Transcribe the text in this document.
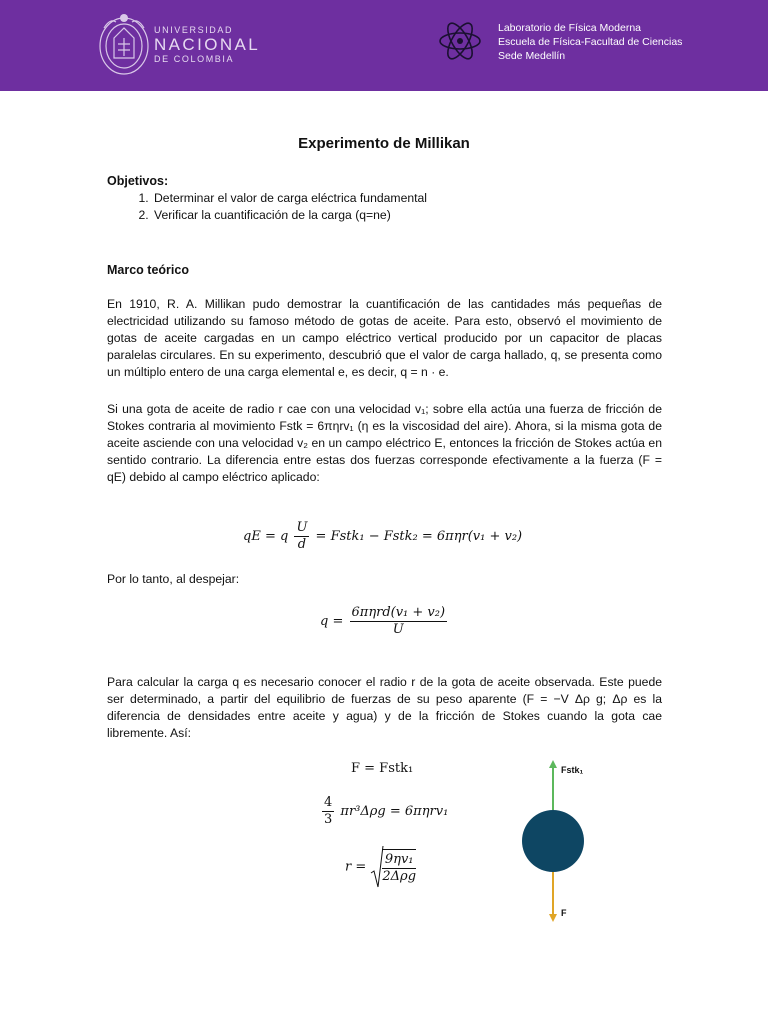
UNIVERSIDAD
NACIONAL
DE COLOMBIA
Laboratorio de Física Moderna
Escuela de Física-Facultad de Ciencias
Sede Medellín
Experimento de Millikan
Objetivos:
1. Determinar el valor de carga eléctrica fundamental
2. Verificar la cuantificación de la carga (q=ne)
Marco teórico
En 1910, R. A. Millikan pudo demostrar la cuantificación de las cantidades más pequeñas de electricidad utilizando su famoso método de gotas de aceite. Para esto, observó el movimiento de gotas de aceite cargadas en un campo eléctrico vertical producido por un capacitor de placas paralelas circulares. En su experimento, descubrió que el valor de carga hallado, q, se presenta como un múltiplo entero de una carga elemental e, es decir, q = n · e.
Si una gota de aceite de radio r cae con una velocidad v₁; sobre ella actúa una fuerza de fricción de Stokes contraria al movimiento Fstk = 6πηrv₁ (η es la viscosidad del aire). Ahora, si la misma gota de aceite asciende con una velocidad v₂ en un campo eléctrico E, entonces la fricción de Stokes actúa en sentido contrario. La diferencia entre estas dos fuerzas corresponde efectivamente a la fuerza (F = qE) debido al campo eléctrico aplicado:
qE = q $\frac{U}{d}$ = Fstk₁ − Fstk₂ = 6πηr(v₁ + v₂)
Por lo tanto, al despejar:
$q = \frac{\text{6πηrd(v₁ + v₂)}}{U}$
Para calcular la carga q es necesario conocer el radio r de la gota de aceite observada. Este puede ser determinado, a partir del equilibrio de fuerzas de su peso aparente (F = −V Δρ g; Δρ es la diferencia de densidades entre aceite y agua) y de la fricción de Stokes cuando la gota cae libremente. Así:
F = Fstk₁
$\frac{4}{3} \pi r^3\Delta\rho g = 6\pi\eta rv_1$
$r = \frac{\text{9ηv₁}}{\text{2Δρg}}$
Fstk₁
F
